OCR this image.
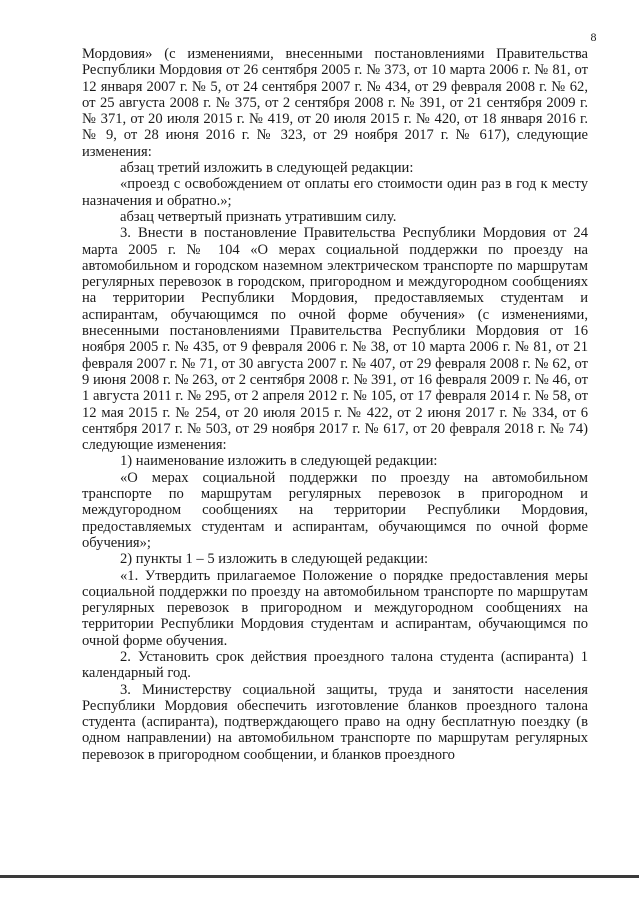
8

Мордовия» (с изменениями, внесенными постановлениями Правительства Республики Мордовия от 26 сентября 2005 г. № 373, от 10 марта 2006 г. № 81, от 12 января 2007 г. № 5, от 24 сентября 2007 г. № 434, от 29 февраля 2008 г. № 62, от 25 августа 2008 г. № 375, от 2 сентября 2008 г. № 391, от 21 сентября 2009 г. № 371, от 20 июля 2015 г. № 419, от 20 июля 2015 г. № 420, от 18 января 2016 г. № 9, от 28 июня 2016 г. № 323, от 29 ноября 2017 г. № 617), следующие изменения:

абзац третий изложить в следующей редакции:

«проезд с освобождением от оплаты его стоимости один раз в год к месту назначения и обратно.»;

абзац четвертый признать утратившим силу.

3. Внести в постановление Правительства Республики Мордовия от 24 марта 2005 г. № 104 «О мерах социальной поддержки по проезду на автомобильном и городском наземном электрическом транспорте по маршрутам регулярных перевозок в городском, пригородном и междугородном сообщениях на территории Республики Мордовия, предоставляемых студентам и аспирантам, обучающимся по очной форме обучения» (с изменениями, внесенными постановлениями Правительства Республики Мордовия от 16 ноября 2005 г. № 435, от 9 февраля 2006 г. № 38, от 10 марта 2006 г. № 81, от 21 февраля 2007 г. № 71, от 30 августа 2007 г. № 407, от 29 февраля 2008 г. № 62, от 9 июня 2008 г. № 263, от 2 сентября 2008 г. № 391, от 16 февраля 2009 г. № 46, от 1 августа 2011 г. № 295, от 2 апреля 2012 г. № 105, от 17 февраля 2014 г. № 58, от 12 мая 2015 г. № 254, от 20 июля 2015 г. № 422, от 2 июня 2017 г. № 334, от 6 сентября 2017 г. № 503, от 29 ноября 2017 г. № 617, от 20 февраля 2018 г. № 74) следующие изменения:

1) наименование изложить в следующей редакции:

«О мерах социальной поддержки по проезду на автомобильном транспорте по маршрутам регулярных перевозок в пригородном и междугородном сообщениях на территории Республики Мордовия, предоставляемых студентам и аспирантам, обучающимся по очной форме обучения»;

2) пункты 1 – 5 изложить в следующей редакции:

«1. Утвердить прилагаемое Положение о порядке предоставления меры социальной поддержки по проезду на автомобильном транспорте по маршрутам регулярных перевозок в пригородном и междугородном сообщениях на территории Республики Мордовия студентам и аспирантам, обучающимся по очной форме обучения.

2. Установить срок действия проездного талона студента (аспиранта) 1 календарный год.

3. Министерству социальной защиты, труда и занятости населения Республики Мордовия обеспечить изготовление бланков проездного талона студента (аспиранта), подтверждающего право на одну бесплатную поездку (в одном направлении) на автомобильном транспорте по маршрутам регулярных перевозок в пригородном сообщении, и бланков проездного
